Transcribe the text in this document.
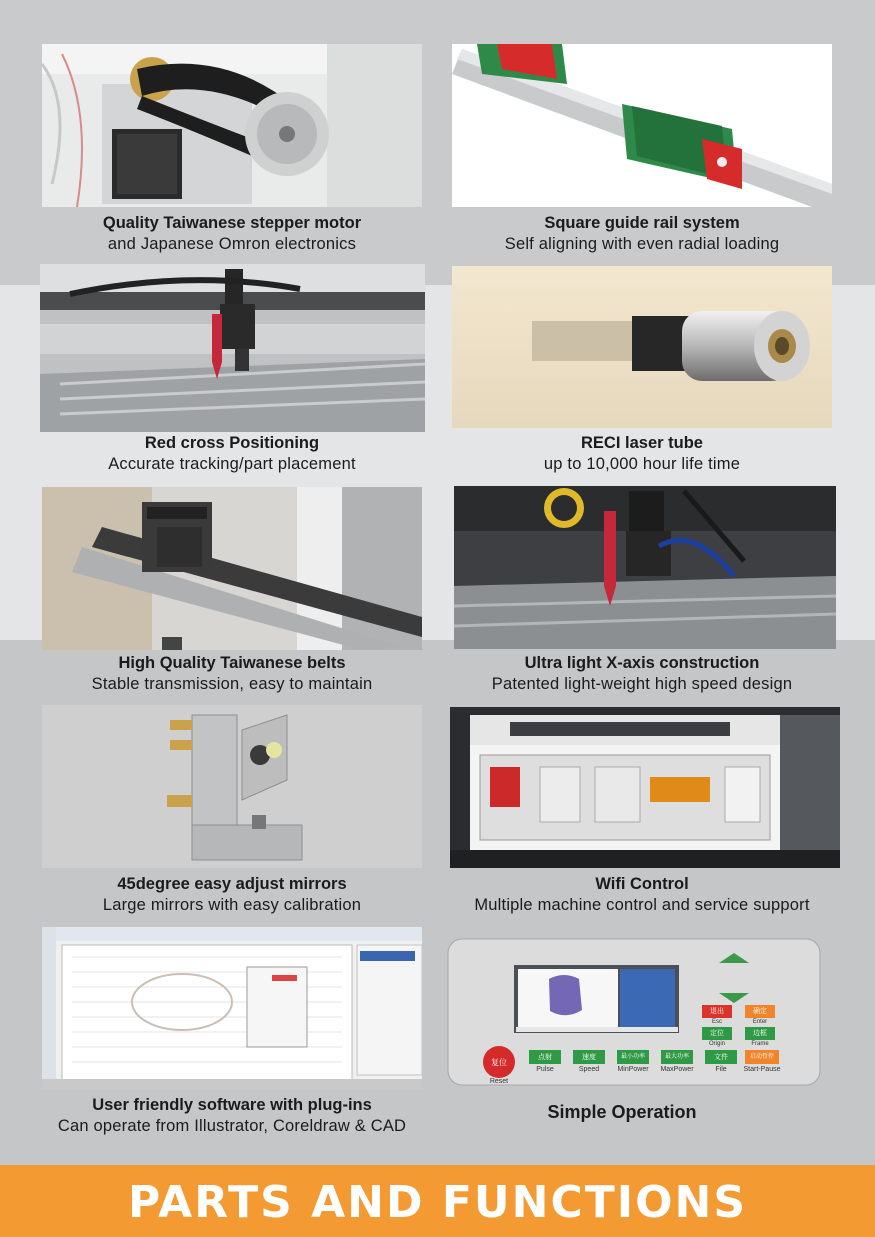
Quality Taiwanese stepper motor
and Japanese Omron electronics
Square guide rail system
Self aligning with even radial loading
Red cross Positioning
Accurate tracking/part placement
RECI laser tube
up to 10,000 hour life time
High Quality Taiwanese belts
Stable transmission, easy to maintain
Ultra light X-axis construction
Patented light-weight high speed design
45degree easy adjust mirrors
Large mirrors with easy calibration
Wifi Control
Multiple machine control and service support
User friendly software with plug-ins
Can operate from Illustrator, Coreldraw & CAD
复位
Reset
点射
Pulse
速度
Speed
最小功率
MinPower
最大功率
MaxPower
文件
File
启动暂停
Start-Pause
退出
Esc
确定
Enter
定位
Origin
边框
Frame
Simple Operation
PARTS AND FUNCTIONS
